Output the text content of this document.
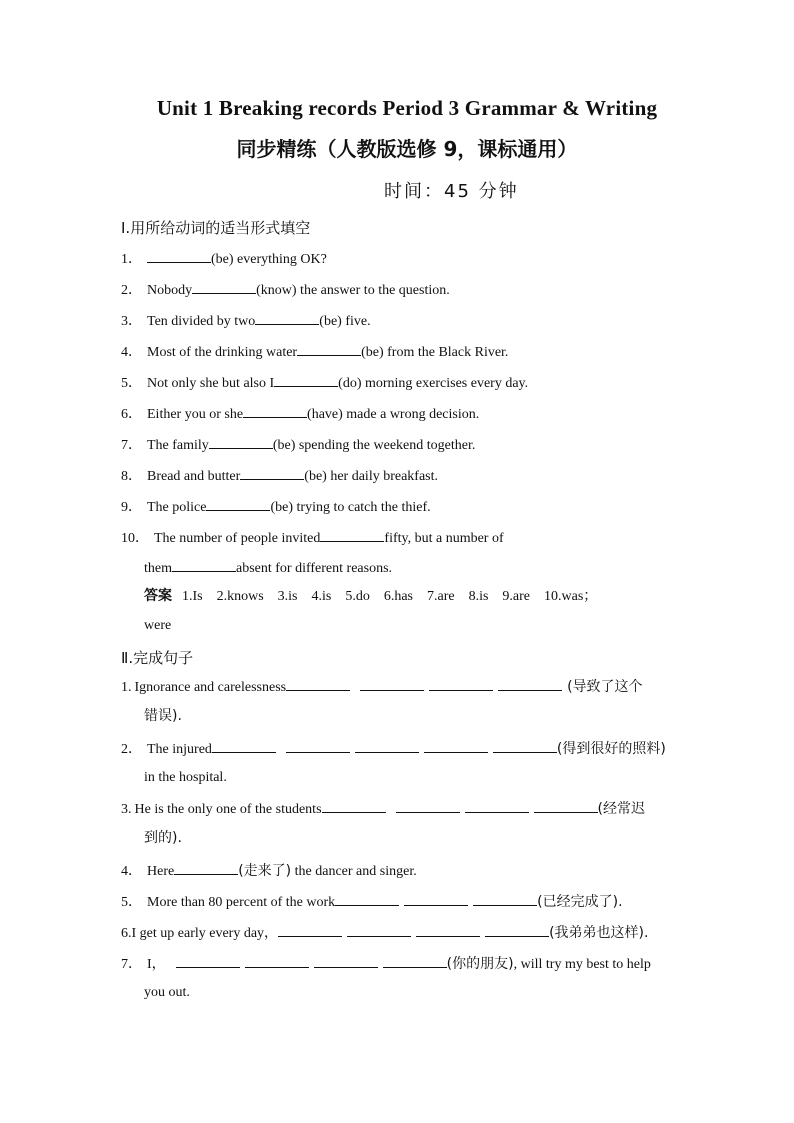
Unit 1 Breaking records Period 3 Grammar & Writing
同步精练（人教版选修 9，课标通用）
时间：45 分钟
Ⅰ.用所给动词的适当形式填空
1．	(be) everything OK?
2． Nobody	(know) the answer to the question.
3． Ten divided by two	(be) five.
4． Most of the drinking water	(be) from the Black River.
5． Not only she but also I	(do) morning exercises every day.
6． Either you or she	(have) made a wrong decision.
7． The family	(be) spending the weekend together.
8． Bread and butter	(be) her daily breakfast.
9． The police	(be) trying to catch the thief.
10． The number of people invited	fifty, but a number of
them	absent for different reasons.
答案 1.Is    2.knows    3.is    4.is    5.do    6.has    7.are    8.is    9.are    10.was；
were
Ⅱ.完成句子
1. Ignorance and carelessness	(导致了这个
错误).
2． The injured	(得到很好的照料)
in the hospital.
3. He is the only one of the students	(经常迟
到的).
4． Here	(走来了) the dancer and singer.
5． More than 80 percent of the work	(已经完成了).
6.I get up early every day，	(我弟弟也这样).
7． I，	(你的朋友), will try my best to help
you out.
